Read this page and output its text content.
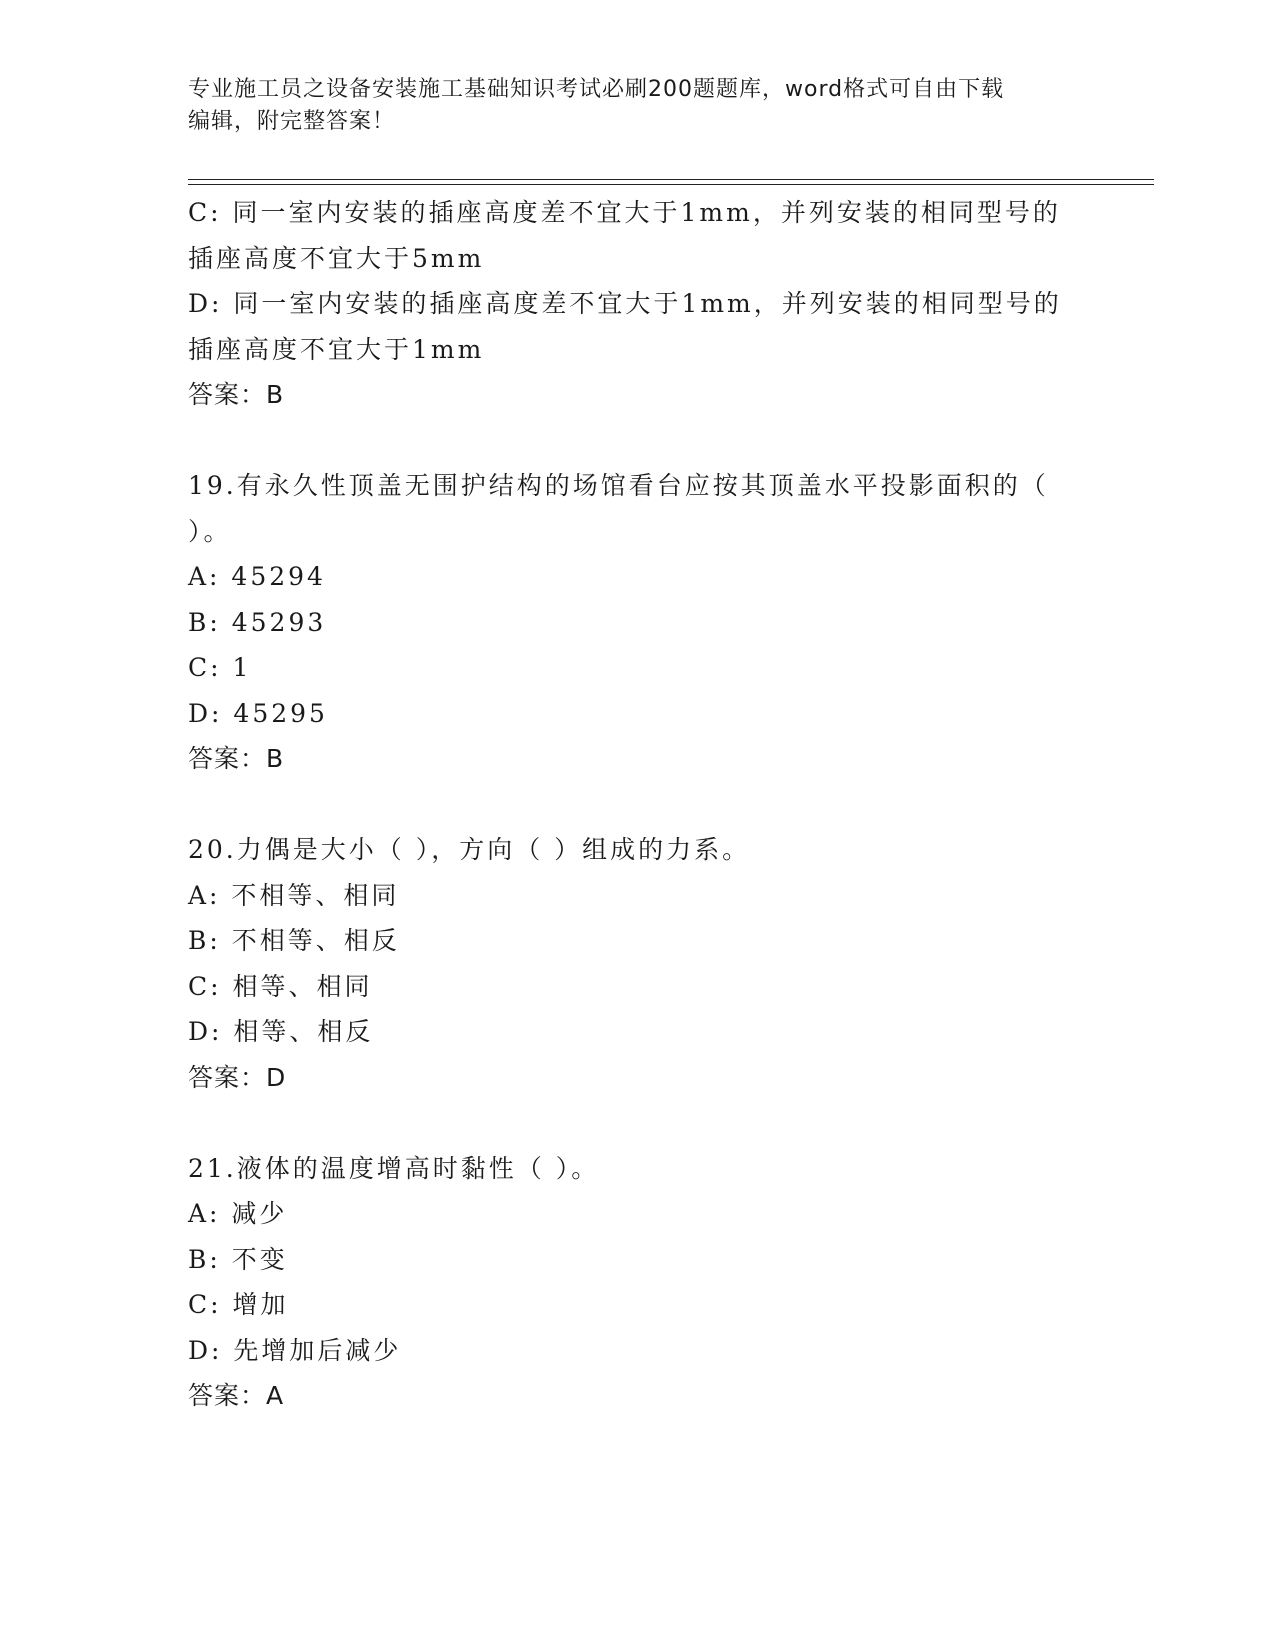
专业施工员之设备安装施工基础知识考试必刷200题题库，word格式可自由下载
编辑，附完整答案！
C: 同一室内安装的插座高度差不宜大于1mm，并列安装的相同型号的
插座高度不宜大于5mm
D: 同一室内安装的插座高度差不宜大于1mm，并列安装的相同型号的
插座高度不宜大于1mm
答案：B
19.有永久性顶盖无围护结构的场馆看台应按其顶盖水平投影面积的（
）。
A: 45294
B: 45293
C: 1
D: 45295
答案：B
20.力偶是大小（ ），方向（ ）组成的力系。
A: 不相等、相同
B: 不相等、相反
C: 相等、相同
D: 相等、相反
答案：D
21.液体的温度增高时黏性（ ）。
A: 减少
B: 不变
C: 增加
D: 先增加后减少
答案：A
